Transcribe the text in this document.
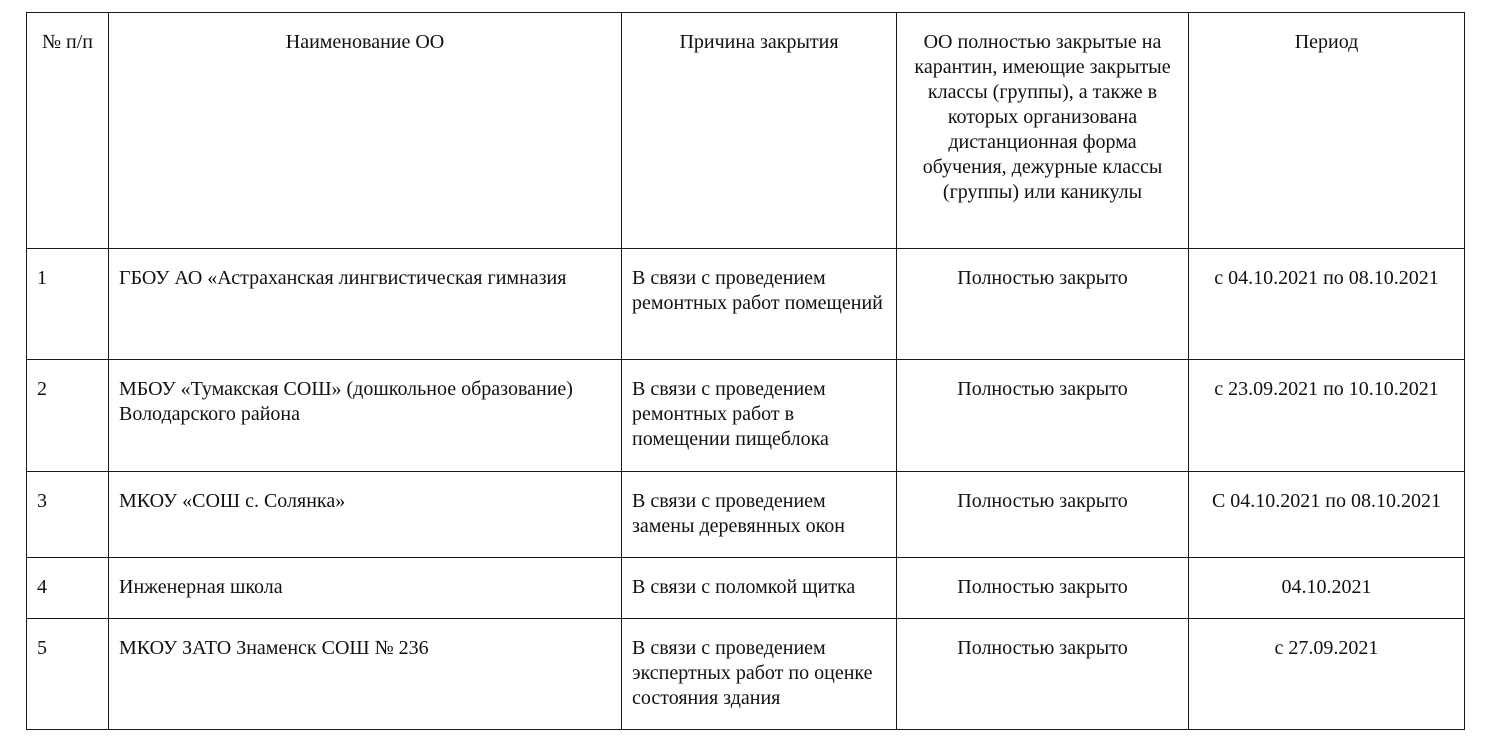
№ п/п	Наименование ОО	Причина закрытия	ОО полностью закрытые на карантин, имеющие закрытые классы (группы), а также в которых организована дистанционная форма обучения, дежурные классы (группы) или каникулы	Период
1	ГБОУ АО «Астраханская лингвистическая гимназия	В связи с проведением ремонтных работ помещений	Полностью закрыто	с 04.10.2021 по 08.10.2021
2	МБОУ «Тумакская СОШ» (дошкольное образование) Володарского района	В связи с проведением ремонтных работ в помещении пищеблока	Полностью закрыто	с 23.09.2021 по 10.10.2021
3	МКОУ «СОШ с. Солянка»	В связи с проведением замены деревянных окон	Полностью закрыто	С 04.10.2021 по 08.10.2021
4	Инженерная школа	В связи с поломкой щитка	Полностью закрыто	04.10.2021
5	МКОУ ЗАТО Знаменск СОШ № 236	В связи с проведением экспертных работ по оценке состояния здания	Полностью закрыто	с 27.09.2021
